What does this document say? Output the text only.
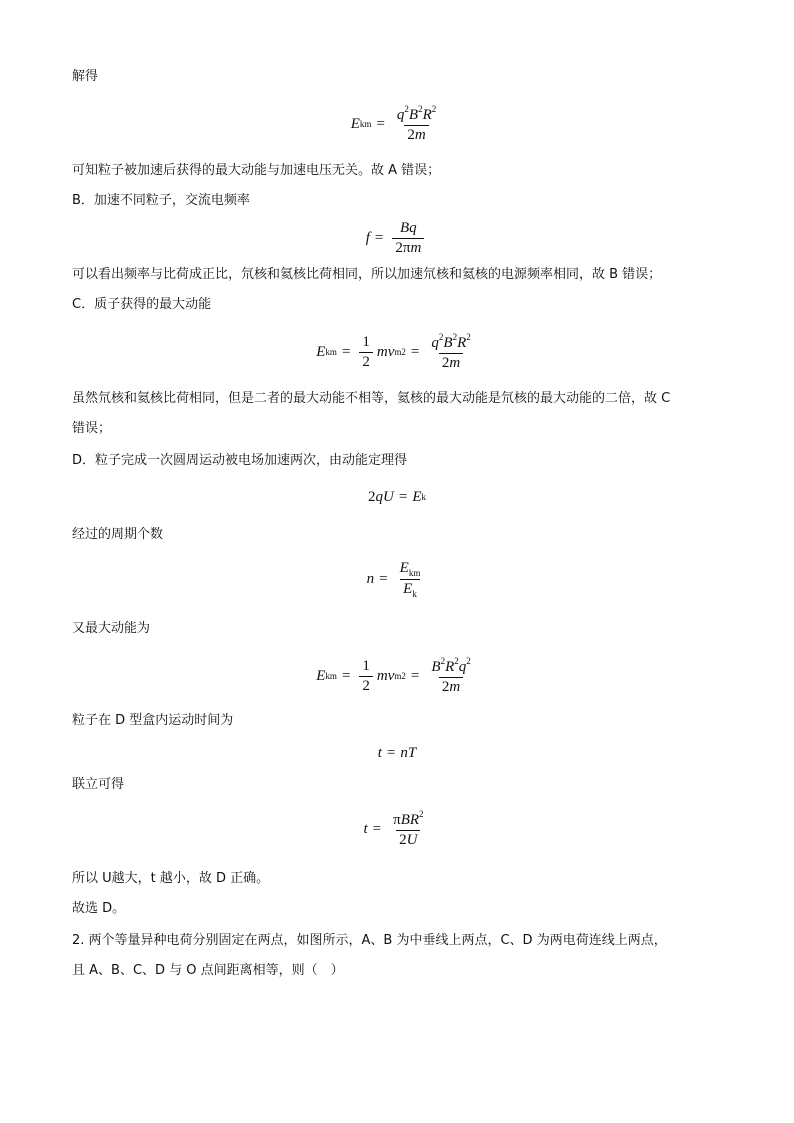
解得
E km = $\frac{q^2B^2R^2}{2m}$
可知粒子被加速后获得的最大动能与加速电压无关。故 A 错误；
B．加速不同粒子，交流电频率
$f = \frac{Bq}{2\pi m}$
可以看出频率与比荷成正比，氘核和氦核比荷相同，所以加速氘核和氦核的电源频率相同，故 B 错误；
C．质子获得的最大动能
E km = $\frac{1}{2}$ mv m $2 = \frac{q^2B^2R^2}{2m}$
虽然氘核和氦核比荷相同，但是二者的最大动能不相等，氦核的最大动能是氘核的最大动能的二倍，故 C
错误；
D．粒子完成一次圆周运动被电场加速两次，由动能定理得
2 qU = E k
经过的周期个数
$n = \frac{E_{km}}{E_k}$
又最大动能为
E km = $\frac{1}{2}$ mv m $2 = \frac{B^2R^2q^2}{2m}$
粒子在 D 型盒内运动时间为
t = nT
联立可得
$t = \frac{\pi BR^2}{2U}$
所以 U越大，t 越小，故 D 正确。
故选 D。
2. 两个等量异种电荷分别固定在两点，如图所示，A、B 为中垂线上两点，C、D 为两电荷连线上两点，
且 A、B、C、D 与 O 点间距离相等，则（　）
